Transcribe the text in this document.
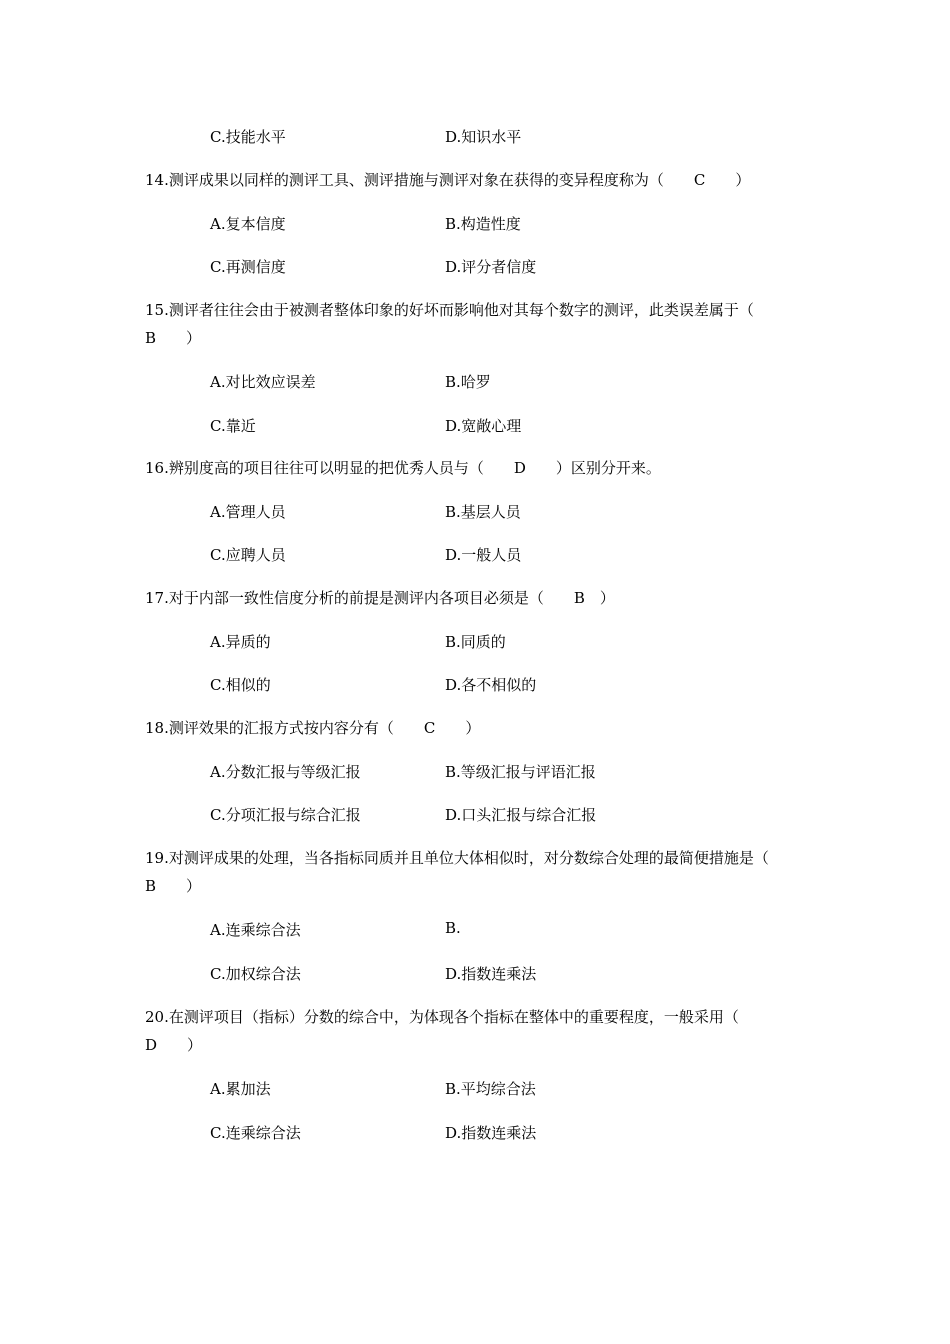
C.技能水平	D.知识水平
14.测评成果以同样的测评工具、测评措施与测评对象在获得的变异程度称为（　　C　　）
A.复本信度	B.构造性度
C.再测信度	D.评分者信度
15.测评者往往会由于被测者整体印象的好坏而影响他对其每个数字的测评，此类误差属于（　B　　）
A.对比效应误差	B.哈罗
C.靠近	D.宽敞心理
16.辨别度高的项目往往可以明显的把优秀人员与（　　D　　）区别分开来。
A.管理人员	B.基层人员
C.应聘人员	D.一般人员
17.对于内部一致性信度分析的前提是测评内各项目必须是（　　B　）
A.异质的	B.同质的
C.相似的	D.各不相似的
18.测评效果的汇报方式按内容分有（　　C　　）
A.分数汇报与等级汇报	B.等级汇报与评语汇报
C.分项汇报与综合汇报	D.口头汇报与综合汇报
19.对测评成果的处理，当各指标同质并且单位大体相似时，对分数综合处理的最简便措施是（　　B　　）
A.连乘综合法	B.
C.加权综合法	D.指数连乘法
20.在测评项目（指标）分数的综合中，为体现各个指标在整体中的重要程度，一般采用（　　D　　）
A.累加法	B.平均综合法
C.连乘综合法	D.指数连乘法
